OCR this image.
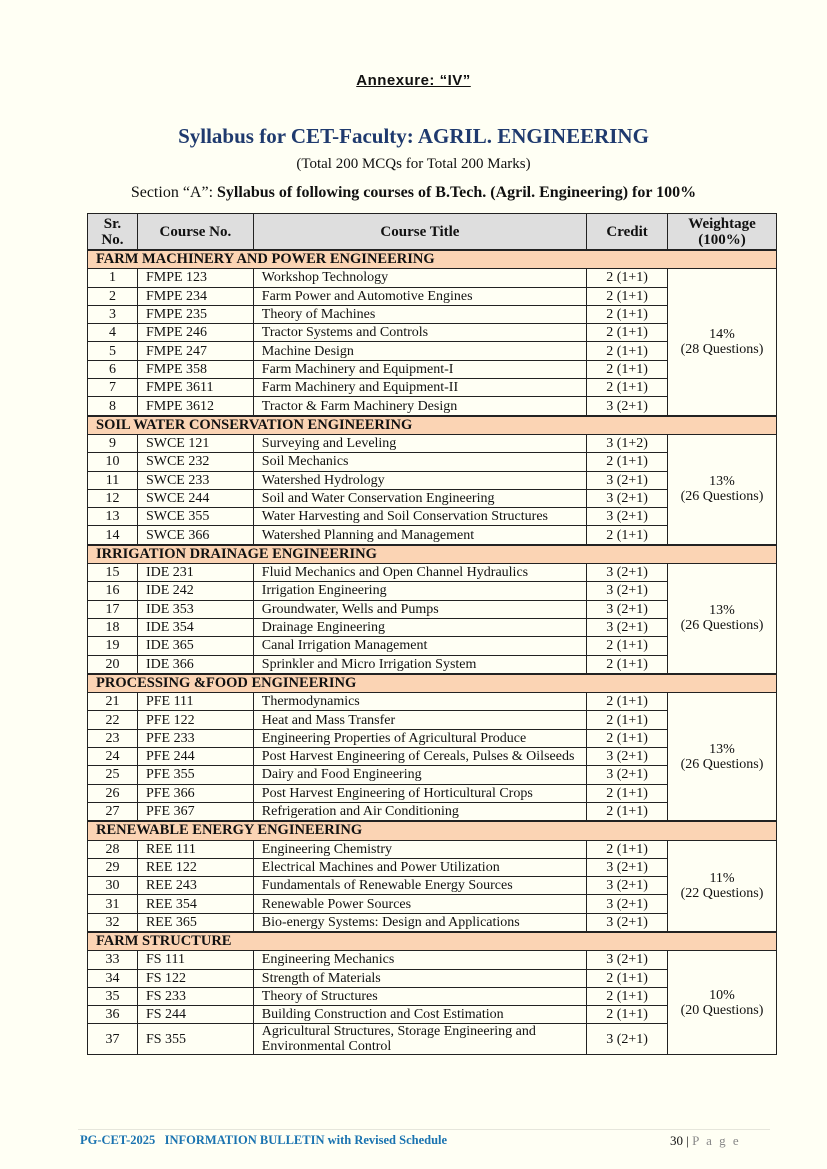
Annexure: “IV”
Syllabus for CET-Faculty: AGRIL. ENGINEERING
(Total 200 MCQs for Total 200 Marks)
Section “A”: Syllabus of following courses of B.Tech. (Agril. Engineering) for 100%
Sr. No.	Course No.	Course Title	Credit	Weightage (100%)
FARM MACHINERY AND POWER ENGINEERING				
1	FMPE 123	Workshop Technology	2 (1+1)	14%
(28 Questions)

2	FMPE 234	Farm Power and Automotive Engines	2 (1+1)	
3	FMPE 235	Theory of Machines	2 (1+1)	
4	FMPE 246	Tractor Systems and Controls	2 (1+1)	
5	FMPE 247	Machine Design	2 (1+1)	
6	FMPE 358	Farm Machinery and Equipment-I	2 (1+1)	
7	FMPE 3611	Farm Machinery and Equipment-II	2 (1+1)	
8	FMPE 3612	Tractor & Farm Machinery Design	3 (2+1)	
SOIL WATER CONSERVATION ENGINEERING				
9	SWCE 121	Surveying and Leveling	3 (1+2)	13%
(26 Questions)

10	SWCE 232	Soil Mechanics	2 (1+1)	
11	SWCE 233	Watershed Hydrology	3 (2+1)	
12	SWCE 244	Soil and Water Conservation Engineering	3 (2+1)	
13	SWCE 355	Water Harvesting and Soil Conservation Structures	3 (2+1)	
14	SWCE 366	Watershed Planning and Management	2 (1+1)	
IRRIGATION DRAINAGE ENGINEERING				
15	IDE 231	Fluid Mechanics and Open Channel Hydraulics	3 (2+1)	13%
(26 Questions)

16	IDE 242	Irrigation Engineering	3 (2+1)	
17	IDE 353	Groundwater, Wells and Pumps	3 (2+1)	
18	IDE 354	Drainage Engineering	3 (2+1)	
19	IDE 365	Canal Irrigation Management	2 (1+1)	
20	IDE 366	Sprinkler and Micro Irrigation System	2 (1+1)	
PROCESSING &FOOD ENGINEERING				
21	PFE 111	Thermodynamics	2 (1+1)	13%
(26 Questions)

22	PFE 122	Heat and Mass Transfer	2 (1+1)	
23	PFE 233	Engineering Properties of Agricultural Produce	2 (1+1)	
24	PFE 244	Post Harvest Engineering of Cereals, Pulses & Oilseeds	3 (2+1)	
25	PFE 355	Dairy and Food Engineering	3 (2+1)	
26	PFE 366	Post Harvest Engineering of Horticultural Crops	2 (1+1)	
27	PFE 367	Refrigeration and Air Conditioning	2 (1+1)	
RENEWABLE ENERGY ENGINEERING				
28	REE 111	Engineering Chemistry	2 (1+1)	11%
(22 Questions)

29	REE 122	Electrical Machines and Power Utilization	3 (2+1)	
30	REE 243	Fundamentals of Renewable Energy Sources	3 (2+1)	
31	REE 354	Renewable Power Sources	3 (2+1)	
32	REE 365	Bio-energy Systems: Design and Applications	3 (2+1)	
FARM STRUCTURE				
33	FS 111	Engineering Mechanics	3 (2+1)	10%
(20 Questions)

34	FS 122	Strength of Materials	2 (1+1)	
35	FS 233	Theory of Structures	2 (1+1)	
36	FS 244	Building Construction and Cost Estimation	2 (1+1)	
37	FS 355	Agricultural Structures, Storage Engineering and Environmental Control	3 (2+1)	
PG-CET-2025   INFORMATION BULLETIN with Revised Schedule	30 | P a g e
